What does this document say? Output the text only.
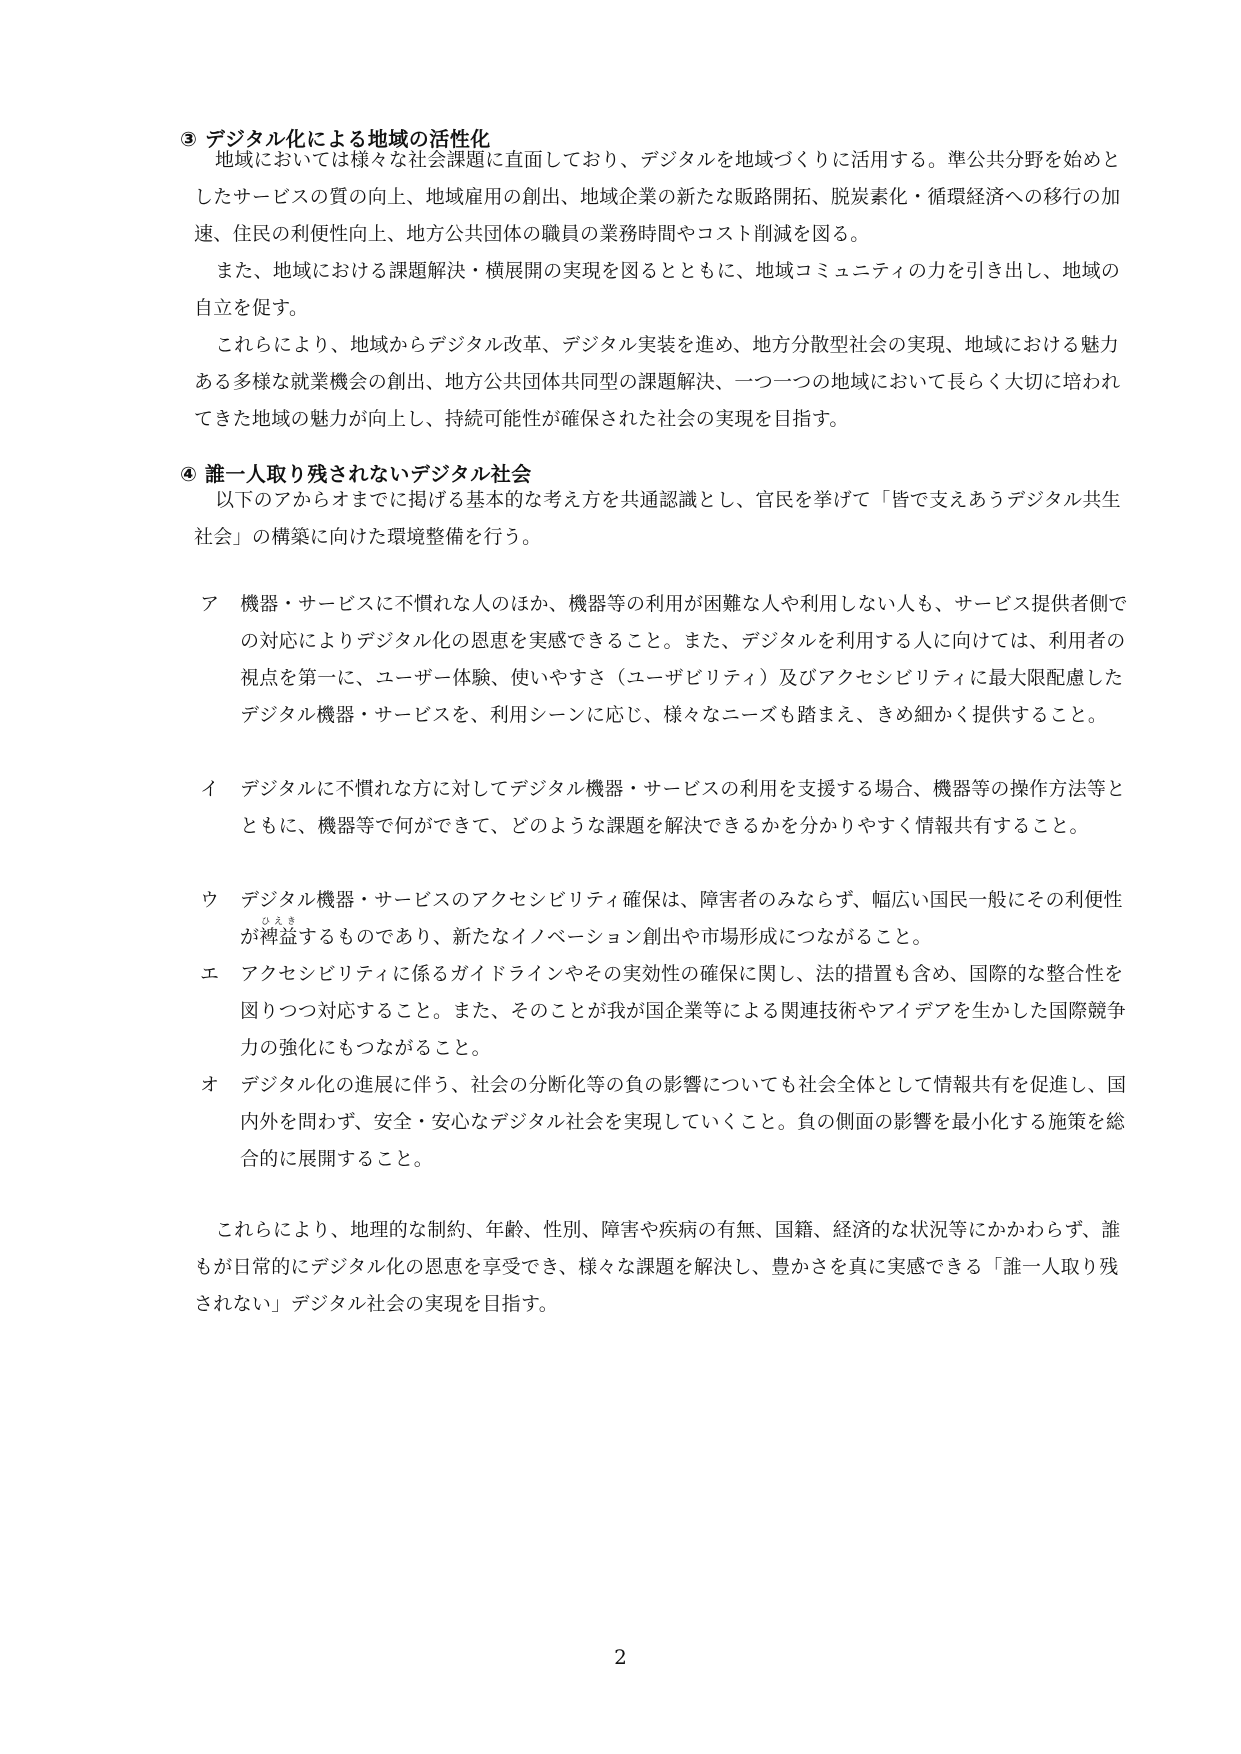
③ デジタル化による地域の活性化

地域においては様々な社会課題に直面しており、デジタルを地域づくりに活用する。準公共分野を始めとしたサービスの質の向上、地域雇用の創出、地域企業の新たな販路開拓、脱炭素化・循環経済への移行の加速、住民の利便性向上、地方公共団体の職員の業務時間やコスト削減を図る。

また、地域における課題解決・横展開の実現を図るとともに、地域コミュニティの力を引き出し、地域の自立を促す。

これらにより、地域からデジタル改革、デジタル実装を進め、地方分散型社会の実現、地域における魅力ある多様な就業機会の創出、地方公共団体共同型の課題解決、一つ一つの地域において長らく大切に培われてきた地域の魅力が向上し、持続可能性が確保された社会の実現を目指す。

④ 誰一人取り残されないデジタル社会

以下のアからオまでに掲げる基本的な考え方を共通認識とし、官民を挙げて「皆で支えあうデジタル共生社会」の構築に向けた環境整備を行う。

ア	機器・サービスに不慣れな人のほか、機器等の利用が困難な人や利用しない人も、サービス提供者側での対応によりデジタル化の恩恵を実感できること。また、デジタルを利用する人に向けては、利用者の視点を第一に、ユーザー体験、使いやすさ（ユーザビリティ）及びアクセシビリティに最大限配慮したデジタル機器・サービスを、利用シーンに応じ、様々なニーズも踏まえ、きめ細かく提供すること。
イ	デジタルに不慣れな方に対してデジタル機器・サービスの利用を支援する場合、機器等の操作方法等とともに、機器等で何ができて、どのような課題を解決できるかを分かりやすく情報共有すること。
ウ	デジタル機器・サービスのアクセシビリティ確保は、障害者のみならず、幅広い国民一般にその利便性が裨益ひえきするものであり、新たなイノベーション創出や市場形成につながること。
エ	アクセシビリティに係るガイドラインやその実効性の確保に関し、法的措置も含め、国際的な整合性を図りつつ対応すること。また、そのことが我が国企業等による関連技術やアイデアを生かした国際競争力の強化にもつながること。
オ	デジタル化の進展に伴う、社会の分断化等の負の影響についても社会全体として情報共有を促進し、国内外を問わず、安全・安心なデジタル社会を実現していくこと。負の側面の影響を最小化する施策を総合的に展開すること。

これらにより、地理的な制約、年齢、性別、障害や疾病の有無、国籍、経済的な状況等にかかわらず、誰もが日常的にデジタル化の恩恵を享受でき、様々な課題を解決し、豊かさを真に実感できる「誰一人取り残されない」デジタル社会の実現を目指す。

2
